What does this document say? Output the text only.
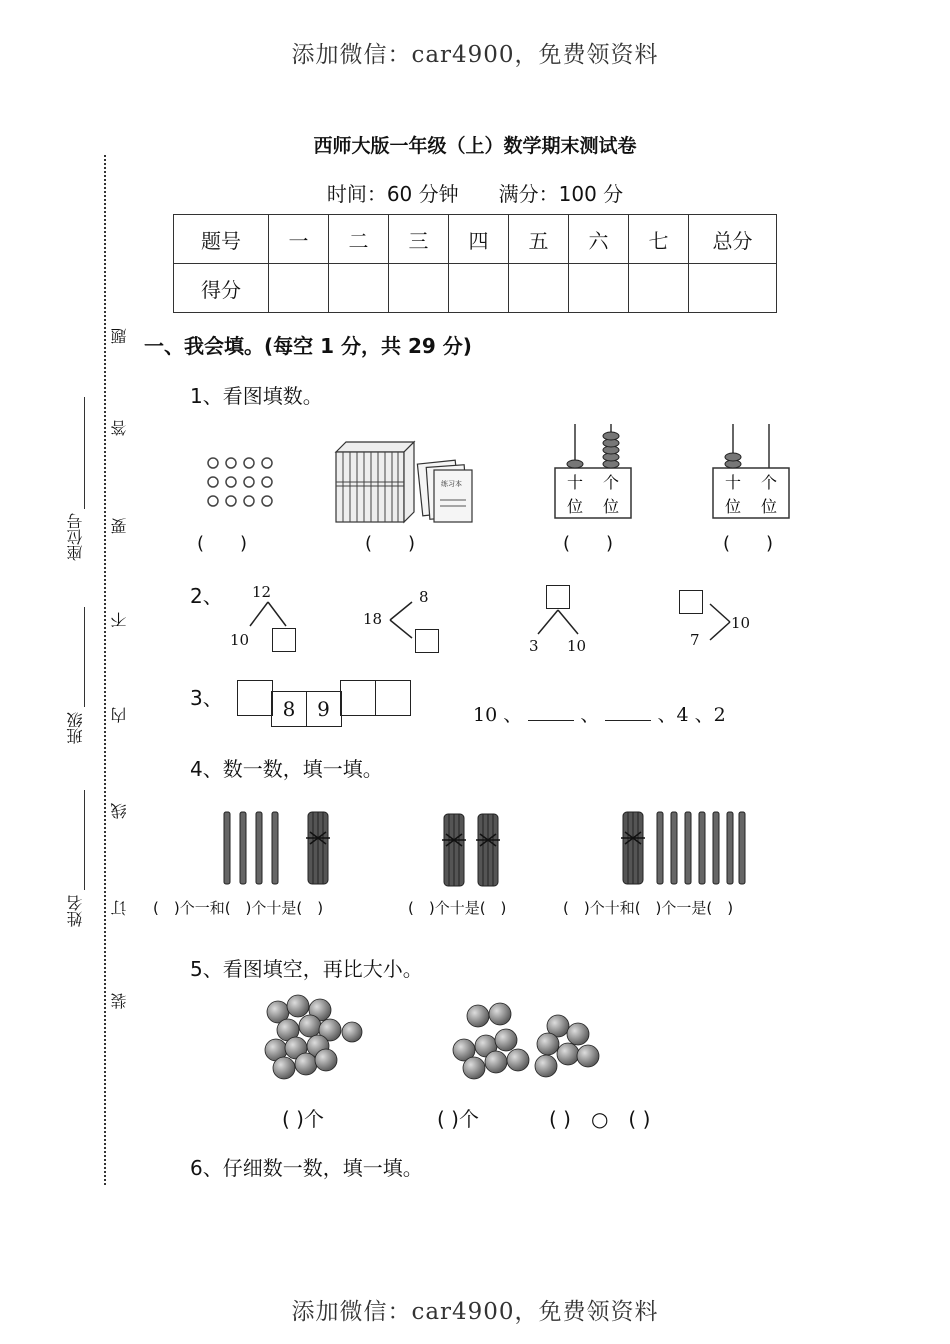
添加微信：car4900，免费领资料
添加微信：car4900，免费领资料
西师大版一年级（上）数学期末测试卷
时间：60 分钟　　满分：100 分
题号	一	二	三	四	五	六	七	总分
得分								
题
答
要
不
内
线
订
装
姓名
班级
座位号
一、我会填。(每空 1 分，共 29 分)
1、看图填数。
练习本	十 个
位 位
十 个
位 位
(　　)	(　　)	(　　)	(　　)
2、 12
10
18
8
3 10
10
7
3、	8 9	10 、	、	、4 、2
4、数一数，填一填。
(　)个一和(　)个十是(　)	(　)个十是(　)	(　)个十和(　)个一是(　)
5、看图填空，再比大小。
( )个	( )个	( )　○　( )
6、仔细数一数，填一填。
